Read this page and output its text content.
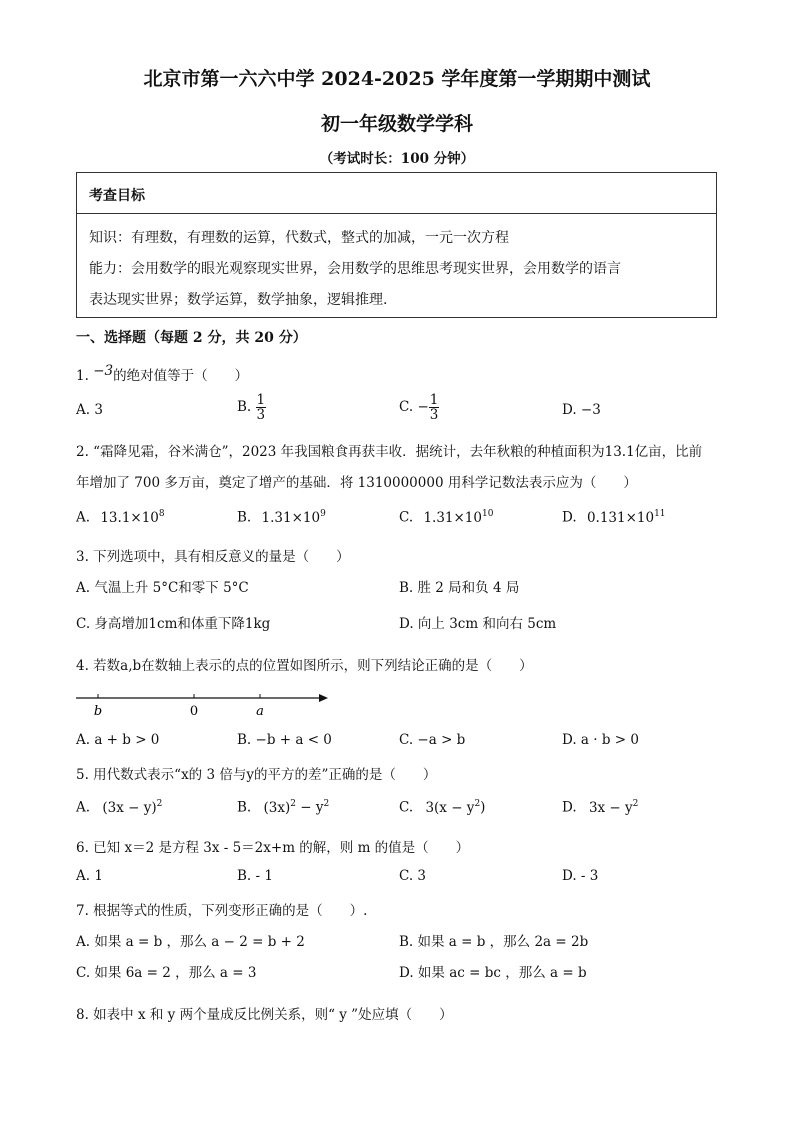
北京市第一六六中学 2024-2025 学年度第一学期期中测试
初一年级数学学科
（考试时长：100 分钟）
考查目标
知识：有理数，有理数的运算，代数式，整式的加减，一元一次方程
能力：会用数学的眼光观察现实世界，会用数学的思维思考现实世界，会用数学的语言
表达现实世界；数学运算，数学抽象，逻辑推理.
一、选择题（每题 2 分，共 20 分）
1. −3的绝对值等于（　　）
A. 3	B. $\frac{1}{3}$	C. − $\frac{1}{3}$	D. −3
2. “霜降见霜，谷米满仓”，2023 年我国粮食再获丰收．据统计，去年秋粮的种植面积为13.1亿亩，比前
年增加了 700 多万亩，奠定了增产的基础．将 1310000000 用科学记数法表示应为（　　）
A. $13.1\times 10^8$	B. $1.31\times 10^9$	C. $1.31\times 10^{10}$	D. $0.131\times 10^{11}$
3. 下列选项中，具有相反意义的量是（　　）
A. 气温上升 5°C和零下 5°C	B. 胜 2 局和负 4 局
C. 身高增加1cm和体重下降1kg	D. 向上 3cm 和向右 5cm
4. 若数a,b在数轴上表示的点的位置如图所示，则下列结论正确的是（　　）
b	0	a
A. a + b > 0	B. −b + a < 0	C. −a > b	D. a · b > 0
5. 用代数式表示“x的 3 倍与y的平方的差”正确的是（　　）
A. $(3x - y)^2$	B. $(3x)^2 - y^2$	C. $3(x - y^2)$	D. $3x - y^2$
6. 已知 x＝2 是方程 3x - 5＝2x+m 的解，则 m 的值是（　　）
A. 1	B. - 1	C. 3	D. - 3
7. 根据等式的性质，下列变形正确的是（　　）.
A. 如果 a = b ，那么 a − 2 = b + 2	B. 如果 a = b ，那么 2a = 2b
C. 如果 6a = 2 ，那么 a = 3	D. 如果 ac = bc ，那么 a = b
8. 如表中 x 和 y 两个量成反比例关系，则“ y ”处应填（　　）
